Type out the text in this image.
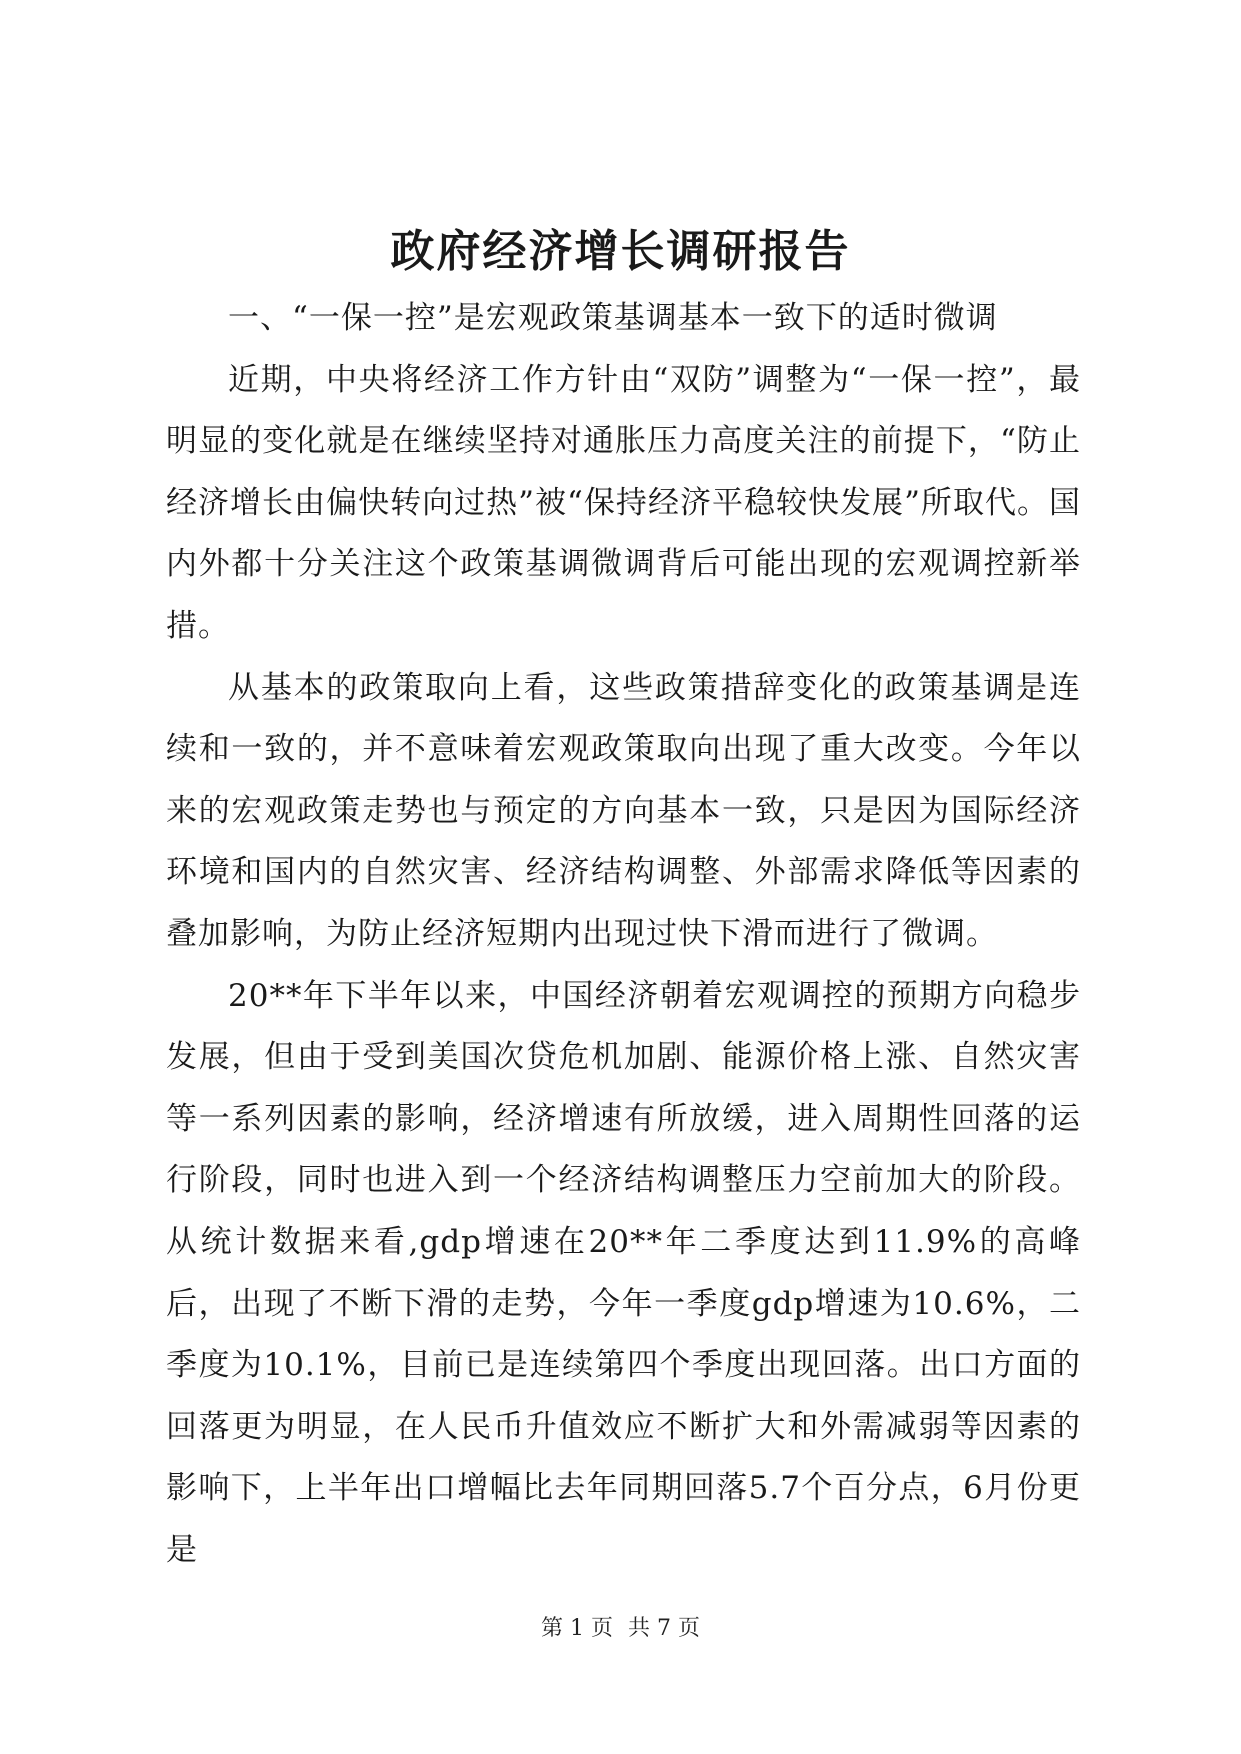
政府经济增长调研报告

一、“一保一控”是宏观政策基调基本一致下的适时微调

近期，中央将经济工作方针由“双防”调整为“一保一控”，最明显的变化就是在继续坚持对通胀压力高度关注的前提下，“防止经济增长由偏快转向过热”被“保持经济平稳较快发展”所取代。国内外都十分关注这个政策基调微调背后可能出现的宏观调控新举措。

从基本的政策取向上看，这些政策措辞变化的政策基调是连续和一致的，并不意味着宏观政策取向出现了重大改变。今年以来的宏观政策走势也与预定的方向基本一致，只是因为国际经济环境和国内的自然灾害、经济结构调整、外部需求降低等因素的叠加影响，为防止经济短期内出现过快下滑而进行了微调。

20**年下半年以来，中国经济朝着宏观调控的预期方向稳步发展，但由于受到美国次贷危机加剧、能源价格上涨、自然灾害等一系列因素的影响，经济增速有所放缓，进入周期性回落的运行阶段，同时也进入到一个经济结构调整压力空前加大的阶段。从统计数据来看,gdp增速在20**年二季度达到11.9%的高峰后，出现了不断下滑的走势，今年一季度gdp增速为10.6%，二季度为10.1%，目前已是连续第四个季度出现回落。出口方面的回落更为明显，在人民币升值效应不断扩大和外需减弱等因素的影响下，上半年出口增幅比去年同期回落5.7个百分点，6月份更是

第 1 页 共 7 页
